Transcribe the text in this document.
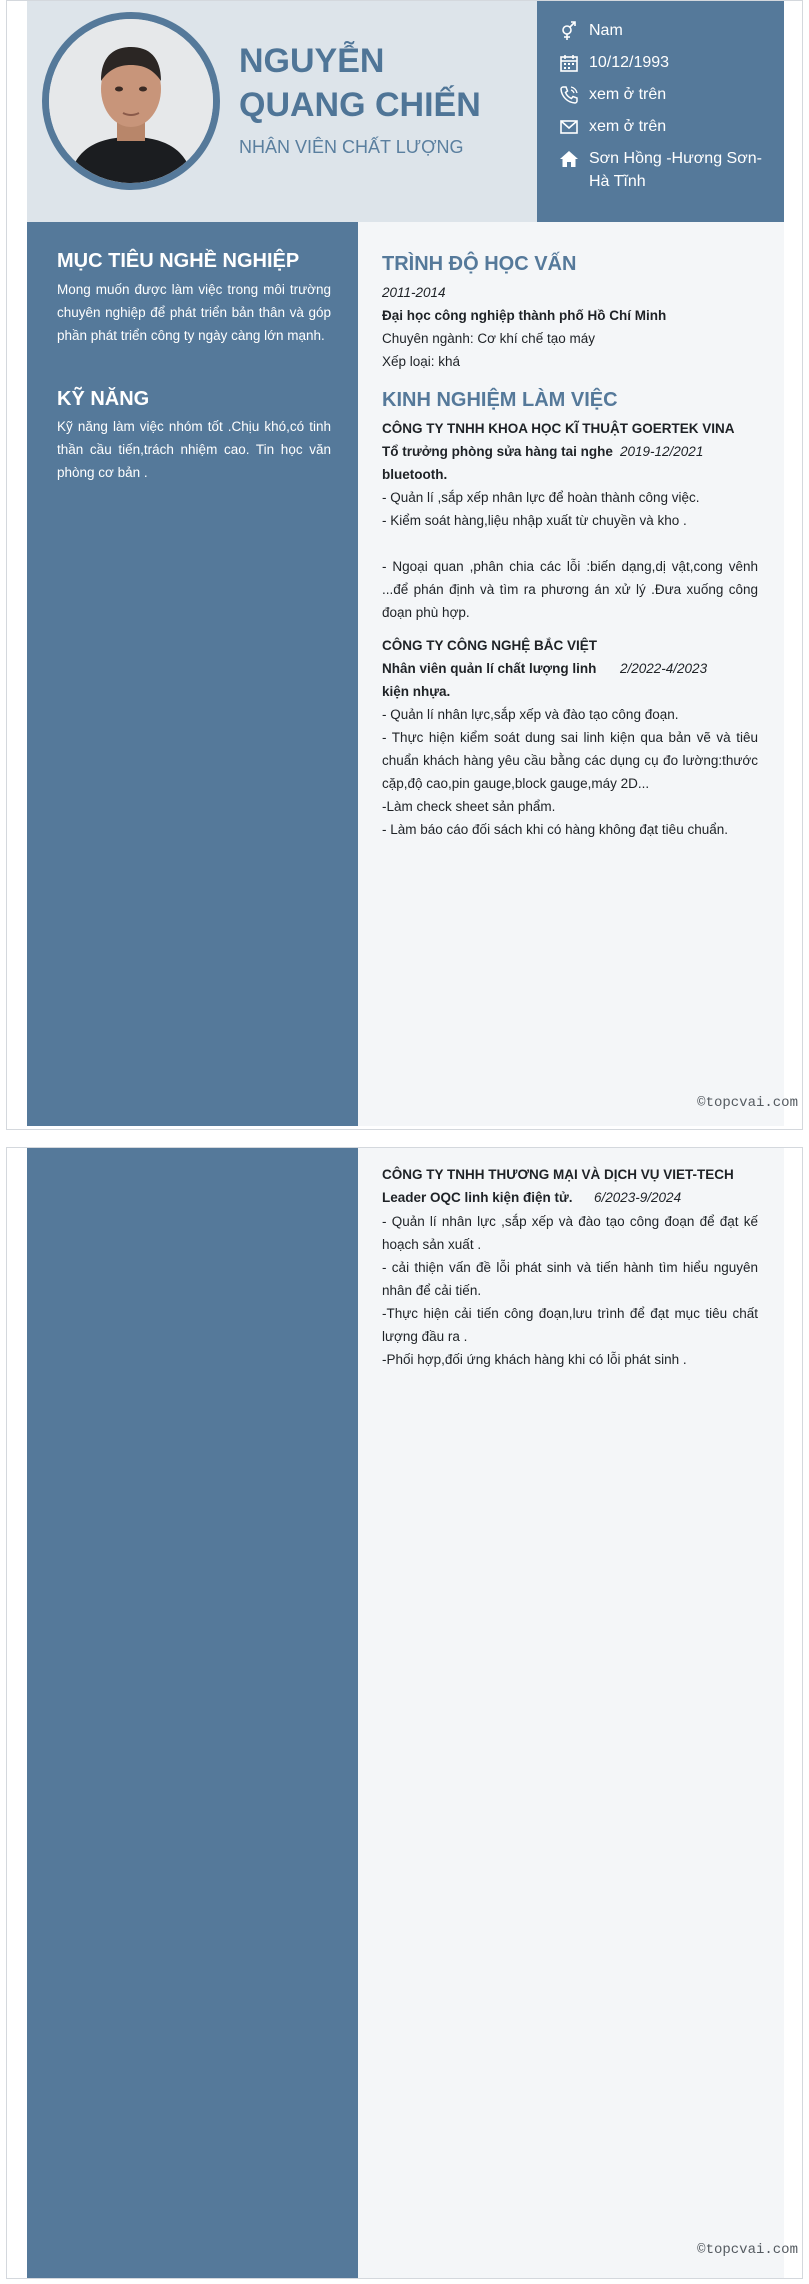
NGUYỄN
QUANG CHIẾN
NHÂN VIÊN CHẤT LƯỢNG
Nam
10/12/1993
xem ở trên
xem ở trên
Sơn Hồng -Hương Sơn-Hà Tĩnh
MỤC TIÊU NGHỀ NGHIỆP
Mong muốn được làm việc trong môi trường chuyên nghiệp để phát triển bản thân và góp phần phát triển công ty ngày càng lớn mạnh.
KỸ NĂNG
Kỹ năng làm việc nhóm tốt .Chịu khó,có tinh thần cầu tiến,trách nhiệm cao. Tin học văn phòng cơ bản .
TRÌNH ĐỘ HỌC VẤN
2011-2014
Đại học công nghiệp thành phố Hồ Chí Minh
Chuyên ngành: Cơ khí chế tạo máy
Xếp loại: khá
KINH NGHIỆM LÀM VIỆC
CÔNG TY TNHH KHOA HỌC KĨ THUẬT GOERTEK VINA
Tổ trưởng phòng sửa hàng tai nghe
bluetooth.
2019-12/2021
- Quản lí ,sắp xếp nhân lực để hoàn thành công việc.
- Kiểm soát hàng,liệu nhập xuất từ chuyền và kho .
- Ngoại quan ,phân chia các lỗi :biến dạng,dị vật,cong vênh ...để phán định và tìm ra phương án xử lý .Đưa xuống công đoạn phù hợp.
CÔNG TY CÔNG NGHỆ BẮC VIỆT
Nhân viên quản lí chất lượng linh
kiện nhựa.
2/2022-4/2023
- Quản lí nhân lực,sắp xếp và đào tạo công đoạn.
- Thực hiện kiểm soát dung sai linh kiện qua bản vẽ và tiêu chuẩn khách hàng yêu cầu bằng các dụng cụ đo lường:thước cặp,độ cao,pin gauge,block gauge,máy 2D...
-Làm check sheet sản phẩm.
- Làm báo cáo đối sách khi có hàng không đạt tiêu chuẩn.
©topcvai.com
CÔNG TY TNHH THƯƠNG MẠI VÀ DỊCH VỤ VIET-TECH
Leader OQC linh kiện điện tử.	6/2023-9/2024
- Quản lí nhân lực ,sắp xếp và đào tạo công đoạn để đạt kế hoạch sản xuất .
- cải thiện vấn đề lỗi phát sinh và tiến hành tìm hiểu nguyên nhân để cải tiến.
-Thực hiện cải tiến công đoạn,lưu trình để đạt mục tiêu chất lượng đầu ra .
-Phối hợp,đối ứng khách hàng khi có lỗi phát sinh .
©topcvai.com
